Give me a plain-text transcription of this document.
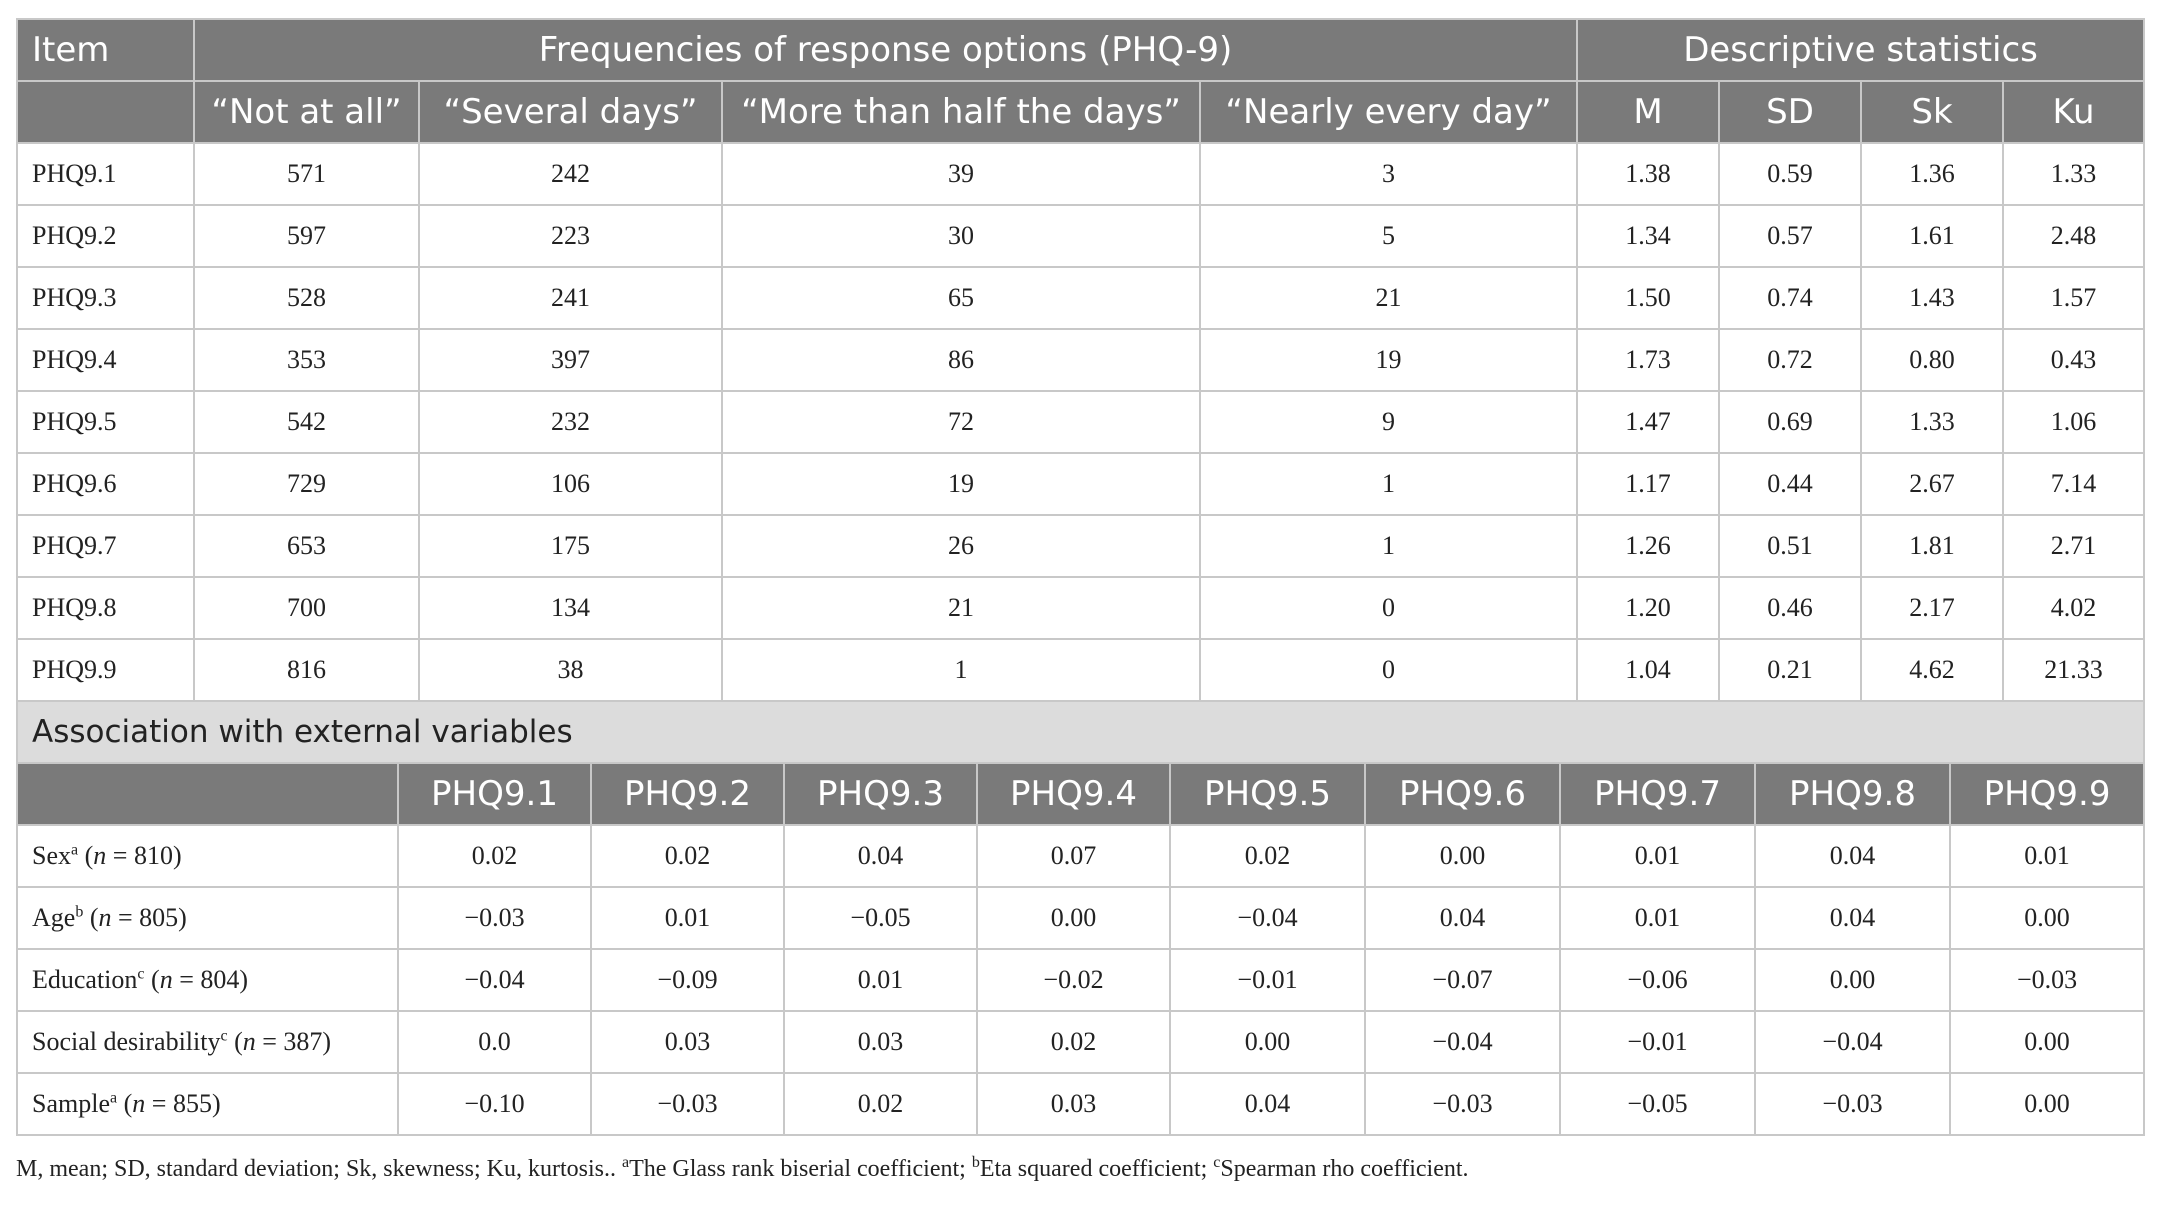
Item	Frequencies of response options (PHQ-9)				Descriptive statistics			
	“Not at all”	“Several days”	“More than half the days”	“Nearly every day”	M	SD	Sk	Ku
PHQ9.1	571	242	39	3	1.38	0.59	1.36	1.33
PHQ9.2	597	223	30	5	1.34	0.57	1.61	2.48
PHQ9.3	528	241	65	21	1.50	0.74	1.43	1.57
PHQ9.4	353	397	86	19	1.73	0.72	0.80	0.43
PHQ9.5	542	232	72	9	1.47	0.69	1.33	1.06
PHQ9.6	729	106	19	1	1.17	0.44	2.67	7.14
PHQ9.7	653	175	26	1	1.26	0.51	1.81	2.71
PHQ9.8	700	134	21	0	1.20	0.46	2.17	4.02
PHQ9.9	816	38	1	0	1.04	0.21	4.62	21.33
Association with external variables									
	PHQ9.1	PHQ9.2	PHQ9.3	PHQ9.4	PHQ9.5	PHQ9.6	PHQ9.7	PHQ9.8	PHQ9.9
Sex$^a$ (n = 810)	0.02	0.02	0.04	0.07	0.02	0.00	0.01	0.04	0.01
Age$^b$ (n = 805)	−0.03	0.01	−0.05	0.00	−0.04	0.04	0.01	0.04	0.00
Education$^c$ (n = 804)	−0.04	−0.09	0.01	−0.02	−0.01	−0.07	−0.06	0.00	−0.03
Social desirability$^c$ (n = 387)	0.0	0.03	0.03	0.02	0.00	−0.04	−0.01	−0.04	0.00
Sample$^a$ (n = 855)	−0.10	−0.03	0.02	0.03	0.04	−0.03	−0.05	−0.03	0.00
M, mean; SD, standard deviation; Sk, skewness; Ku, kurtosis.. $^a$The Glass rank biserial coefficient; $^b$Eta squared coefficient; $^c$Spearman rho coefficient.
